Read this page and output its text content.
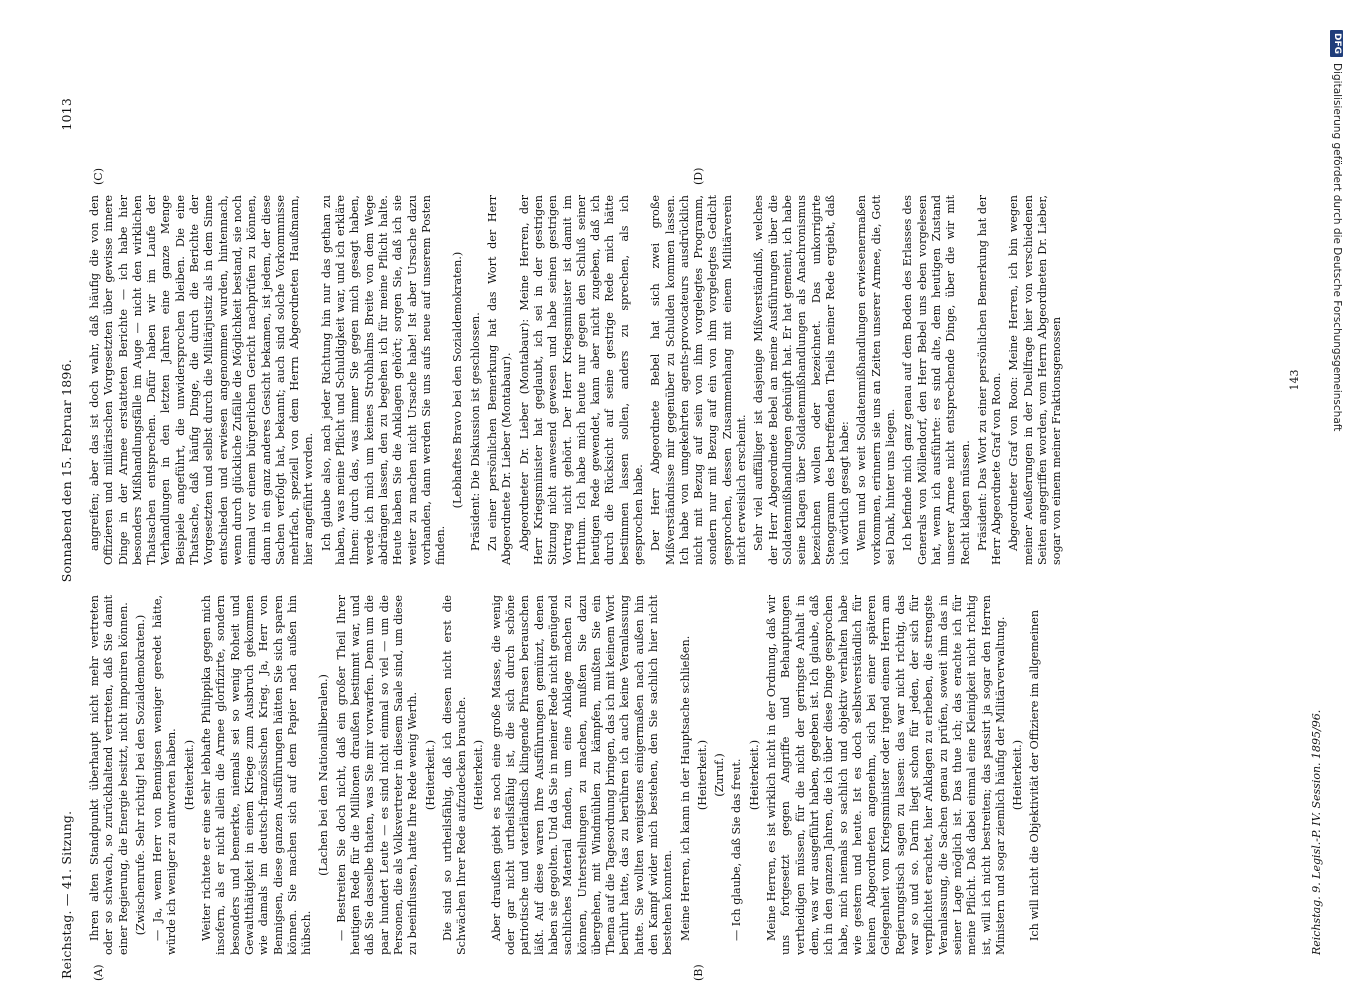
Reichstag. — 41. Sitzung.
Sonnabend den 15. Februar 1896.
1013
(A)	(B)
(C)	(D)

Ihren alten Standpunkt überhaupt nicht mehr vertreten oder so schwach, so zurückhaltend vertreten, daß Sie damit einer Regierung, die Energie besitzt, nicht imponiren können. (Zwischenrufe. Sehr richtig! bei den Sozialdemokraten.) — Ja, wenn Herr von Bennigsen weniger geredet hätte, würde ich weniger zu antworten haben. (Heiterkeit.) Weiter richtete er eine sehr lebhafte Philippika gegen mich insofern, als er nicht allein die Armee glorifizirte, sondern besonders und bemerkte, niemals sei so wenig Roheit und Gewaltthätigkeit in einem Kriege zum Ausbruch gekommen wie damals im deutsch-französischen Krieg. Ja, Herr von Bennigsen, diese ganzen Ausführungen hätten Sie sich sparen können. Sie machen sich auf dem Papier nach außen hin hübsch.

(Lachen bei den Nationalliberalen.) — Bestreiten Sie doch nicht, daß ein großer Theil Ihrer heutigen Rede für die Millionen draußen bestimmt war, und daß Sie dasselbe thaten, was Sie mir vorwarfen. Denn um die paar hundert Leute — es sind nicht einmal so viel — um die Personen, die als Volksvertreter in diesem Saale sind, um diese zu beeinflussen, hatte Ihre Rede wenig Werth. (Heiterkeit.) Die sind so urtheilsfähig, daß ich diesen nicht erst die Schwächen Ihrer Rede aufzudecken brauche. (Heiterkeit.) Aber draußen giebt es noch eine große Masse, die wenig oder gar nicht urtheilsfähig ist, die sich durch schöne patriotische und vaterländisch klingende Phrasen berauschen läßt. Auf diese waren Ihre Ausführungen gemünzt, denen haben sie gegolten. Und da Sie in meiner Rede nicht genügend sachliches Material fanden, um eine Anklage machen zu können, Unterstellungen zu machen, mußten Sie dazu übergehen, mit Windmühlen zu kämpfen, mußten Sie ein Thema auf die Tagesordnung bringen, das ich mit keinem Wort berührt hatte, das zu berühren ich auch keine Veranlassung hatte. Sie wollten wenigstens einigermaßen nach außen hin den Kampf wider mich bestehen, den Sie sachlich hier nicht bestehen konnten. Meine Herren, ich kann in der Hauptsache schließen. (Heiterkeit.) (Zuruf.) — Ich glaube, daß Sie das freut. (Heiterkeit.) Meine Herren, es ist wirklich nicht in der Ordnung, daß wir uns fortgesetzt gegen Angriffe und Behauptungen vertheidigen müssen, für die nicht der geringste Anhalt in dem, was wir ausgeführt haben, gegeben ist. Ich glaube, daß ich in den ganzen Jahren, die ich über diese Dinge gesprochen habe, mich niemals so sachlich und objektiv verhalten habe wie gestern und heute. Ist es doch selbstverständlich für keinen Abgeordneten angenehm, sich bei einer späteren Gelegenheit vom Kriegsminister oder irgend einem Herrn am Regierungstisch sagen zu lassen: das war nicht richtig, das war so und so. Darin liegt schon für jeden, der sich für verpflichtet erachtet, hier Anklagen zu erheben, die strengste Veranlassung, die Sachen genau zu prüfen, soweit ihm das in seiner Lage möglich ist. Das thue ich; das erachte ich für meine Pflicht. Daß dabei einmal eine Kleinigkeit nicht richtig ist, will ich nicht bestreiten; das passirt ja sogar den Herren Ministern und sogar ziemlich häufig der Militärverwaltung. (Heiterkeit.) Ich will nicht die Objektivität der Offiziere im allgemeinen

angreifen; aber das ist doch wahr, daß häufig die von den Offizieren und militärischen Vorgesetzten über gewisse innere Dinge in der Armee erstatteten Berichte — ich habe hier besonders Mißhandlungsfälle im Auge — nicht den wirklichen Thatsachen entsprechen. Dafür haben wir im Laufe der Verhandlungen in den letzten Jahren eine ganze Menge Beispiele angeführt, die unwidersprochen bleiben. Die eine Thatsache, daß häufig Dinge, die durch die Berichte der Vorgesetzten und selbst durch die Militärjustiz als in dem Sinne entschieden und erwiesen angenommen wurden, hintennach, wenn durch glückliche Zufälle die Möglichkeit bestand, sie noch einmal vor einem bürgerlichen Gericht nachprüfen zu können, dann in ein ganz anderes Gesicht bekamen, ist jedem, der diese Sachen verfolgt hat, bekannt; auch sind solche Vorkommnisse mehrfach, speziell von dem Herrn Abgeordneten Haußmann, hier angeführt worden. Ich glaube also, nach jeder Richtung hin nur das gethan zu haben, was meine Pflicht und Schuldigkeit war, und ich erkläre Ihnen: durch das, was immer Sie gegen mich gesagt haben, werde ich mich um keines Strohhalms Breite von dem Wege abdrängen lassen, den zu begehen ich für meine Pflicht halte. Heute haben Sie die Anklagen gehört; sorgen Sie, daß ich sie weiter zu machen nicht Ursache habe! Ist aber Ursache dazu vorhanden, dann werden Sie uns aufs neue auf unserem Posten finden.

(Lebhaftes Bravo bei den Sozialdemokraten.) Präsident: Die Diskussion ist geschlossen. Zu einer persönlichen Bemerkung hat das Wort der Herr Abgeordnete Dr. Lieber (Montabaur). Abgeordneter Dr. Lieber (Montabaur): Meine Herren, der Herr Kriegsminister hat geglaubt, ich sei in der gestrigen Sitzung nicht anwesend gewesen und habe seinen gestrigen Vortrag nicht gehört. Der Herr Kriegsminister ist damit im Irrthum. Ich habe mich heute nur gegen den Schluß seiner heutigen Rede gewendet, kann aber nicht zugeben, daß ich durch die Rücksicht auf seine gestrige Rede mich hätte bestimmen lassen sollen, anders zu sprechen, als ich gesprochen habe. Der Herr Abgeordnete Bebel hat sich zwei große Mißverständnisse mir gegenüber zu Schulden kommen lassen. Ich habe von umgekehrten agents-provocateurs ausdrücklich nicht mit Bezug auf sein von ihm vorgelegtes Programm, sondern nur mit Bezug auf ein von ihm vorgelegtes Gedicht gesprochen, dessen Zusammenhang mit einem Militärverein nicht erweislich erscheint. Sehr viel auffälliger ist dasjenige Mißverständniß, welches der Herr Abgeordnete Bebel an meine Ausführungen über die Soldatenmißhandlungen geknüpft hat. Er hat gemeint, ich habe seine Klagen über Soldatenmißhandlungen als Anachronismus bezeichnen wollen oder bezeichnet. Das unkorrigirte Stenogramm des betreffenden Theils meiner Rede ergiebt, daß ich wörtlich gesagt habe: Wenn und so weit Soldatenmißhandlungen erwiesenermaßen vorkommen, erinnern sie uns an Zeiten unserer Armee, die, Gott sei Dank, hinter uns liegen. Ich befinde mich ganz genau auf dem Boden des Erlasses des Generals von Möllendorf, den Herr Bebel uns eben vorgelesen hat, wenn ich ausführte: es sind alte, dem heutigen Zustand unserer Armee nicht entsprechende Dinge, über die wir mit Recht klagen müssen. Präsident: Das Wort zu einer persönlichen Bemerkung hat der Herr Abgeordnete Graf von Roon. Abgeordneter Graf von Roon: Meine Herren, ich bin wegen meiner Aeußerungen in der Duellfrage hier von verschiedenen Seiten angegriffen worden, vom Herrn Abgeordneten Dr. Lieber, sogar von einem meiner Fraktionsgenossen

Reichstag. 9. Legisl.-P. IV. Session. 1895/96.
143
DFG
Digitalisierung gefördert durch die Deutsche Forschungsgemeinschaft
